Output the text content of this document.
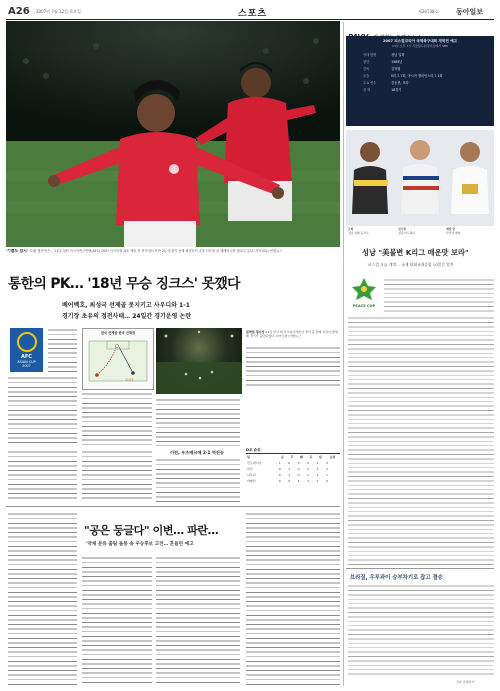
A26 2007년 7월 12일 목요일	스포츠	제26738호	동아일보
'기쁨도 잠시' '무패 행진'만은… 11일 열린 아시아축구연맹(AFC) 2007 아시안컵 D조 예선 첫 경기에서 후반 2분 동점의 선제 페널티킥 골을 터뜨린 뒤 세레머니를 펼치고 있다. 자카르타=연합뉴스
통한의 PK… '18년 무승 징크스' 못깼다
베어벡호, 최성국 선제골 못지키고 사우디와 1-1
경기장 초유의 정전사태… 24일간 경기운영 논란
AFC
ASIAN CUP
2007
한국 선제골 한국 선제골
최성국
블랙컷 경기장 11일 한국 대 사우디아라비아 경기 중 한때 정전이 발생해 경기가 중단되었다. 자카르타=연합뉴스
이런, 우즈베크에 2-1 역전승	D조 순위
팀	승	무	패	득	실	승점
인도네시아	1	0	0	2	1	3
한국	0	1	0	1	1	1
사우디	0	1	0	1	1	1
바레인	0	0	1	1	2	0
"공은 둥글다" 이변… 파란…
'약체 분류 출팀 돌풍 속 우승후보 고전… 흔들린 예고
2007 피스컵코리아 국제축구대회 개막전 예고
13일 오후 7시 서울월드컵경기장에서 SBS
상대 팀명	성남 일화
창단	1989년
감독	김학범
우승	K리그 7회, 아시아 챔피언스리그 1회
주요 선수	김동현, 모따
전 적	18경기
모따
성남 일화 공격수
김두현
성남 미드필더
레알 팀
라리가 레알
성남 "美불변 K리그 매운맛 보라"
피스컵 오늘 개막… 국제 대회 8개클럽 10일간 열전
PEACE CUP
브라질, 우루과이 승부차기로 잡고 결승
코파 아메리카
